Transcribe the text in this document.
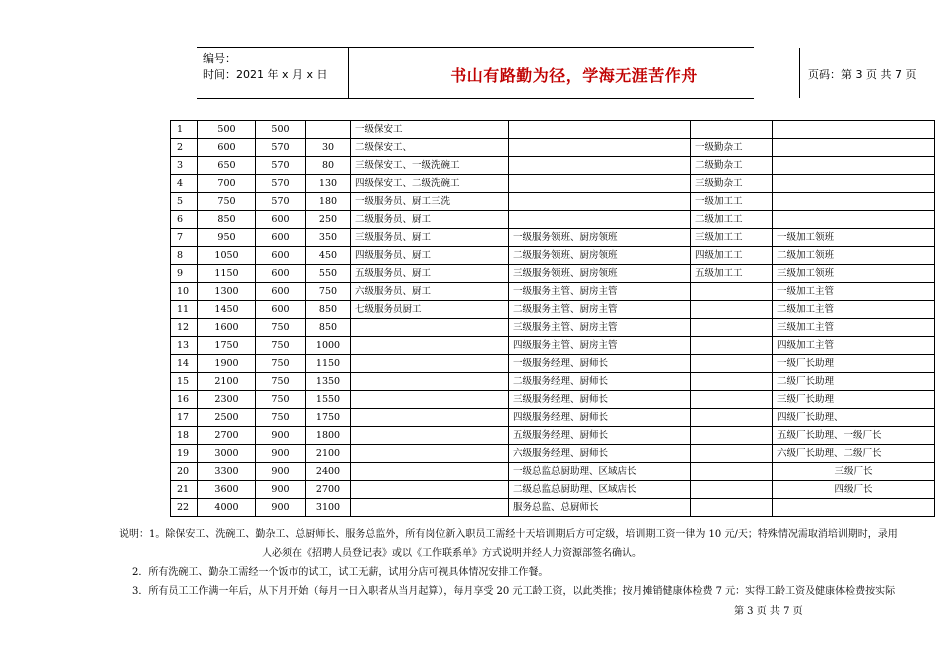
编号：
时间：2021 年 x 月 x 日	书山有路勤为径，学海无涯苦作舟	页码：第 3 页 共 7 页
1	500	500		一级保安工			
2	600	570	30	二级保安工、		一级勤杂工	
3	650	570	80	三级保安工、一级洗碗工		二级勤杂工	
4	700	570	130	四级保安工、二级洗碗工		三级勤杂工	
5	750	570	180	一级服务员、厨工三洗		一级加工工	
6	850	600	250	二级服务员、厨工		二级加工工	
7	950	600	350	三级服务员、厨工	一级服务领班、厨房领班	三级加工工	一级加工领班
8	1050	600	450	四级服务员、厨工	二级服务领班、厨房领班	四级加工工	二级加工领班
9	1150	600	550	五级服务员、厨工	三级服务领班、厨房领班	五级加工工	三级加工领班
10	1300	600	750	六级服务员、厨工	一级服务主管、厨房主管		一级加工主管
11	1450	600	850	七级服务员厨工	二级服务主管、厨房主管		二级加工主管
12	1600	750	850		三级服务主管、厨房主管		三级加工主管
13	1750	750	1000		四级服务主管、厨房主管		四级加工主管
14	1900	750	1150		一级服务经理、厨师长		一级厂长助理
15	2100	750	1350		二级服务经理、厨师长		二级厂长助理
16	2300	750	1550		三级服务经理、厨师长		三级厂长助理
17	2500	750	1750		四级服务经理、厨师长		四级厂长助理、
18	2700	900	1800		五级服务经理、厨师长		五级厂长助理、一级厂长
19	3000	900	2100		六级服务经理、厨师长		六级厂长助理、二级厂长
20	3300	900	2400		一级总监总厨助理、区域店长		三级厂长
21	3600	900	2700		二级总监总厨助理、区域店长		四级厂长
22	4000	900	3100		服务总监、总厨师长		
说明：1。除保安工、洗碗工、勤杂工、总厨师长、服务总监外，所有岗位新入职员工需经十天培训期后方可定级，培训期工资一律为 10 元/天；特殊情况需取消培训期时，录用
人必须在《招聘人员登记表》或以《工作联系单》方式说明并经人力资源部签名确认。
2．所有洗碗工、勤杂工需经一个饭市的试工，试工无薪，试用分店可视具体情况安排工作餐。
3．所有员工工作满一年后，从下月开始（每月一日入职者从当月起算），每月享受 20 元工龄工资，以此类推；按月摊销健康体检费 7 元：实得工龄工资及健康体检费按实际
第 3 页 共 7 页
